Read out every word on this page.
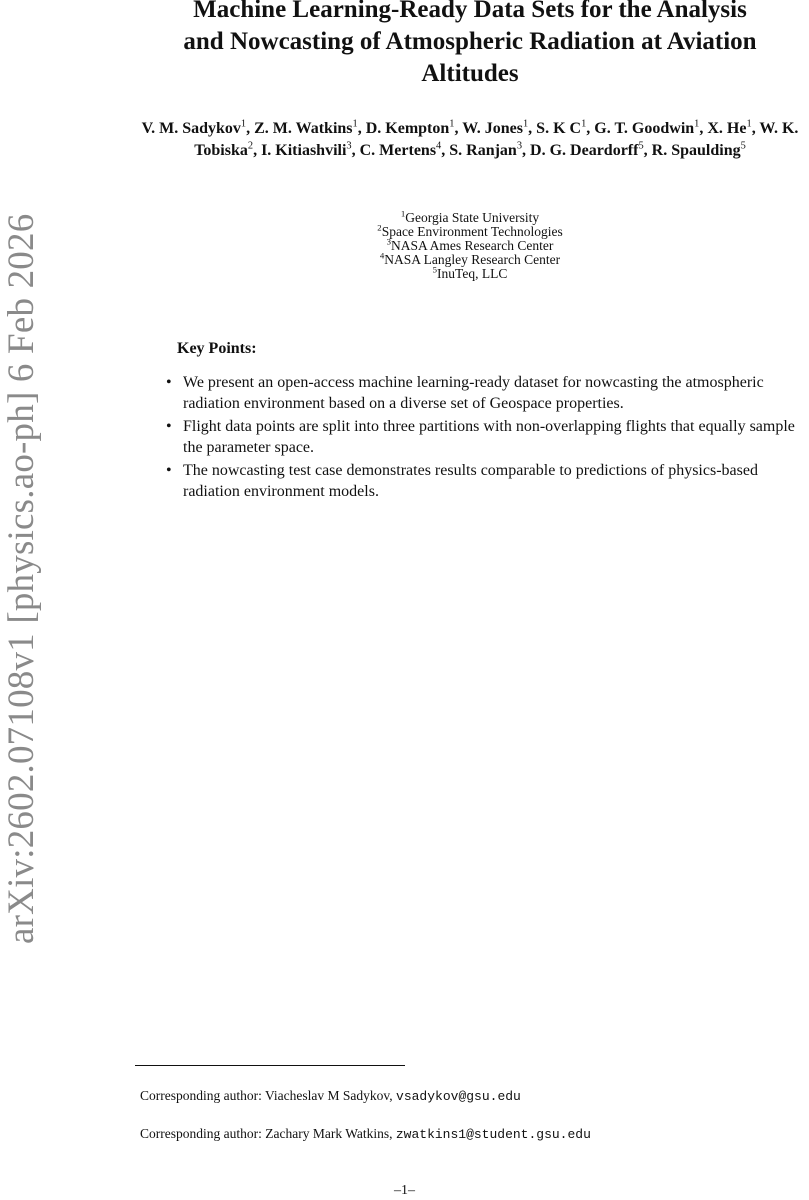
arXiv:2602.07108v1 [physics.ao-ph] 6 Feb 2026
Machine Learning-Ready Data Sets for the Analysis
and Nowcasting of Atmospheric Radiation at Aviation
Altitudes
V. M. Sadykov$^1$, Z. M. Watkins$^1$, D. Kempton$^1$, W. Jones$^1$, S. K $C^1$, G. T. Goodwin$^1$, X. He$^1$, W. K. Tobiska$^2$, I. Kitiashvili$^3$, C. Mertens$^4$, S. Ranjan$^3$, D. G. Deardorff$^5$, R. Spaulding$^5$
$^1$Georgia State University
$^2$Space Environment Technologies
$^3$NASA Ames Research Center
$^4$NASA Langley Research Center
$^5$InuTeq, LLC
Key Points:
• We present an open-access machine learning-ready dataset for nowcasting the atmospheric radiation environment based on a diverse set of Geospace properties.
• Flight data points are split into three partitions with non-overlapping flights that equally sample the parameter space.
• The nowcasting test case demonstrates results comparable to predictions of physics-based radiation environment models.
Corresponding author: Viacheslav M Sadykov, vsadykov@gsu.edu
Corresponding author: Zachary Mark Watkins, zwatkins1@student.gsu.edu
–1–
